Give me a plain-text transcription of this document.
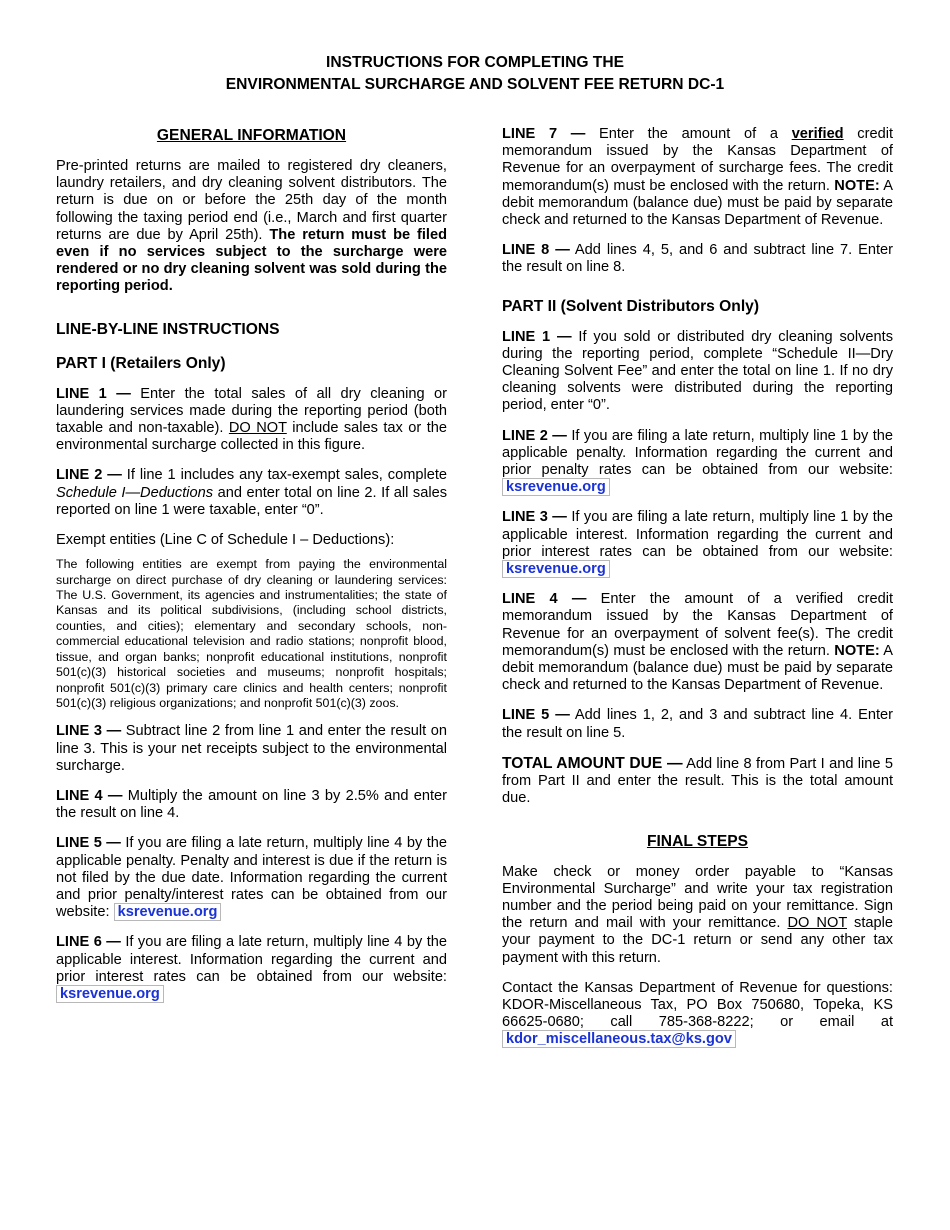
INSTRUCTIONS FOR COMPLETING THE
ENVIRONMENTAL SURCHARGE AND SOLVENT FEE RETURN DC-1
GENERAL INFORMATION

Pre-printed returns are mailed to registered dry cleaners, laundry retailers, and dry cleaning solvent distributors. The return is due on or before the 25th day of the month following the taxing period end (i.e., March and first quarter returns are due by April 25th). The return must be filed even if no services subject to the surcharge were rendered or no dry cleaning solvent was sold during the reporting period.

LINE-BY-LINE INSTRUCTIONS
PART I (Retailers Only)

LINE 1 — Enter the total sales of all dry cleaning or laundering services made during the reporting period (both taxable and non-taxable). DO NOT include sales tax or the environmental surcharge collected in this figure.

LINE 2 — If line 1 includes any tax-exempt sales, complete Schedule I—Deductions and enter total on line 2. If all sales reported on line 1 were taxable, enter “0”.

Exempt entities (Line C of Schedule I – Deductions):

The following entities are exempt from paying the environmental surcharge on direct purchase of dry cleaning or laundering services: The U.S. Government, its agencies and instrumentalities; the state of Kansas and its political subdivisions, (including school districts, counties, and cities); elementary and secondary schools, non-commercial educational television and radio stations; nonprofit blood, tissue, and organ banks; nonprofit educational institutions, nonprofit 501(c)(3) historical societies and museums; nonprofit hospitals; nonprofit 501(c)(3) primary care clinics and health centers; nonprofit 501(c)(3) religious organizations; and nonprofit 501(c)(3) zoos.

LINE 3 — Subtract line 2 from line 1 and enter the result on line 3. This is your net receipts subject to the environmental surcharge.

LINE 4 — Multiply the amount on line 3 by 2.5% and enter the result on line 4.

LINE 5 — If you are filing a late return, multiply line 4 by the applicable penalty. Penalty and interest is due if the return is not filed by the due date. Information regarding the current and prior penalty/interest rates can be obtained from our website: ksrevenue.org

LINE 6 — If you are filing a late return, multiply line 4 by the applicable interest. Information regarding the current and prior interest rates can be obtained from our website: ksrevenue.org

LINE 7 — Enter the amount of a verified credit memorandum issued by the Kansas Department of Revenue for an overpayment of surcharge fees. The credit memorandum(s) must be enclosed with the return. NOTE: A debit memorandum (balance due) must be paid by separate check and returned to the Kansas Department of Revenue.

LINE 8 — Add lines 4, 5, and 6 and subtract line 7. Enter the result on line 8.

PART II (Solvent Distributors Only)

LINE 1 — If you sold or distributed dry cleaning solvents during the reporting period, complete “Schedule II—Dry Cleaning Solvent Fee” and enter the total on line 1. If no dry cleaning solvents were distributed during the reporting period, enter “0”.

LINE 2 — If you are filing a late return, multiply line 1 by the applicable penalty. Information regarding the current and prior penalty rates can be obtained from our website: ksrevenue.org

LINE 3 — If you are filing a late return, multiply line 1 by the applicable interest. Information regarding the current and prior interest rates can be obtained from our website: ksrevenue.org

LINE 4 — Enter the amount of a verified credit memorandum issued by the Kansas Department of Revenue for an overpayment of solvent fee(s). The credit memorandum(s) must be enclosed with the return. NOTE: A debit memorandum (balance due) must be paid by separate check and returned to the Kansas Department of Revenue.

LINE 5 — Add lines 1, 2, and 3 and subtract line 4. Enter the result on line 5.

TOTAL AMOUNT DUE — Add line 8 from Part I and line 5 from Part II and enter the result. This is the total amount due.

FINAL STEPS

Make check or money order payable to “Kansas Environmental Surcharge” and write your tax registration number and the period being paid on your remittance. Sign the return and mail with your remittance. DO NOT staple your payment to the DC-1 return or send any other tax payment with this return.

Contact the Kansas Department of Revenue for questions: KDOR-Miscellaneous Tax, PO Box 750680, Topeka, KS 66625-0680; call 785-368-8222; or email at kdor_miscellaneous.tax@ks.gov
